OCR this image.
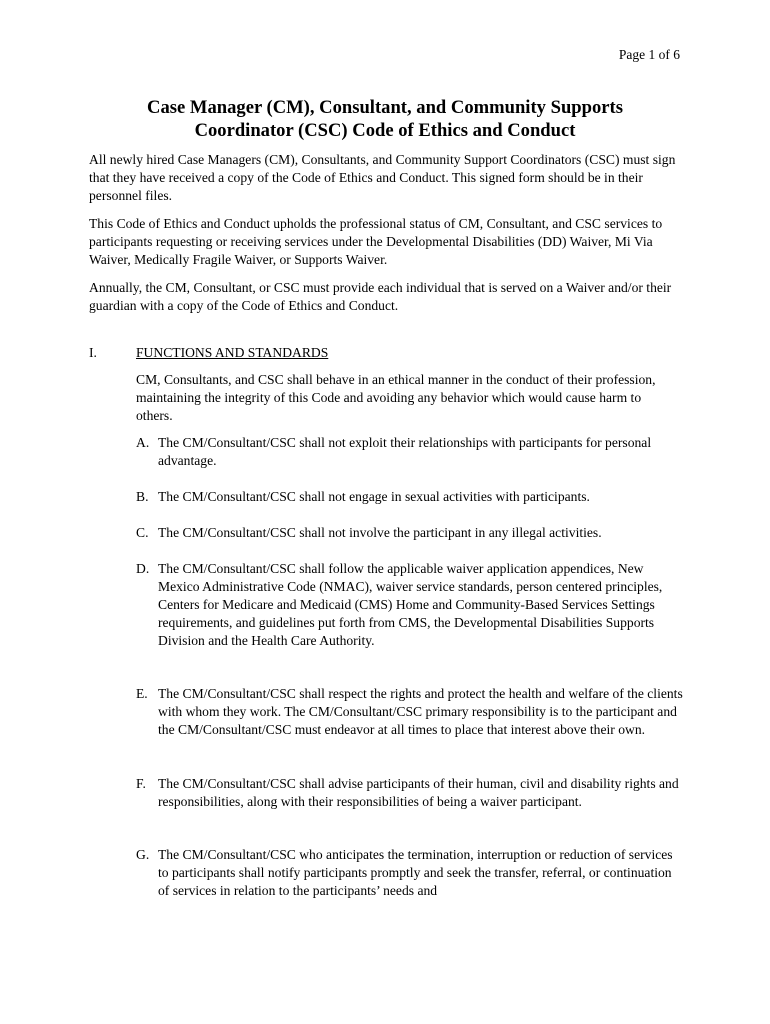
Page 1 of 6
Case Manager (CM), Consultant, and Community Supports
Coordinator (CSC) Code of Ethics and Conduct

All newly hired Case Managers (CM), Consultants, and Community Support Coordinators (CSC) must sign that they have received a copy of the Code of Ethics and Conduct. This signed form should be in their personnel files.

This Code of Ethics and Conduct upholds the professional status of CM, Consultant, and CSC services to participants requesting or receiving services under the Developmental Disabilities (DD) Waiver, Mi Via Waiver, Medically Fragile Waiver, or Supports Waiver.

Annually, the CM, Consultant, or CSC must provide each individual that is served on a Waiver and/or their guardian with a copy of the Code of Ethics and Conduct.

I.	FUNCTIONS AND STANDARDS
CM, Consultants, and CSC shall behave in an ethical manner in the conduct of their profession, maintaining the integrity of this Code and avoiding any behavior which would cause harm to others.
A. The CM/Consultant/CSC shall not exploit their relationships with participants for personal advantage.
B. The CM/Consultant/CSC shall not engage in sexual activities with participants.
C. The CM/Consultant/CSC shall not involve the participant in any illegal activities.
D. The CM/Consultant/CSC shall follow the applicable waiver application appendices, New Mexico Administrative Code (NMAC), waiver service standards, person centered principles, Centers for Medicare and Medicaid (CMS) Home and Community-Based Services Settings requirements, and guidelines put forth from CMS, the Developmental Disabilities Supports Division and the Health Care Authority.
E. The CM/Consultant/CSC shall respect the rights and protect the health and welfare of the clients with whom they work. The CM/Consultant/CSC primary responsibility is to the participant and the CM/Consultant/CSC must endeavor at all times to place that interest above their own.
F. The CM/Consultant/CSC shall advise participants of their human, civil and disability rights and responsibilities, along with their responsibilities of being a waiver participant.
G. The CM/Consultant/CSC who anticipates the termination, interruption or reduction of services to participants shall notify participants promptly and seek the transfer, referral, or continuation of services in relation to the participants’ needs and
